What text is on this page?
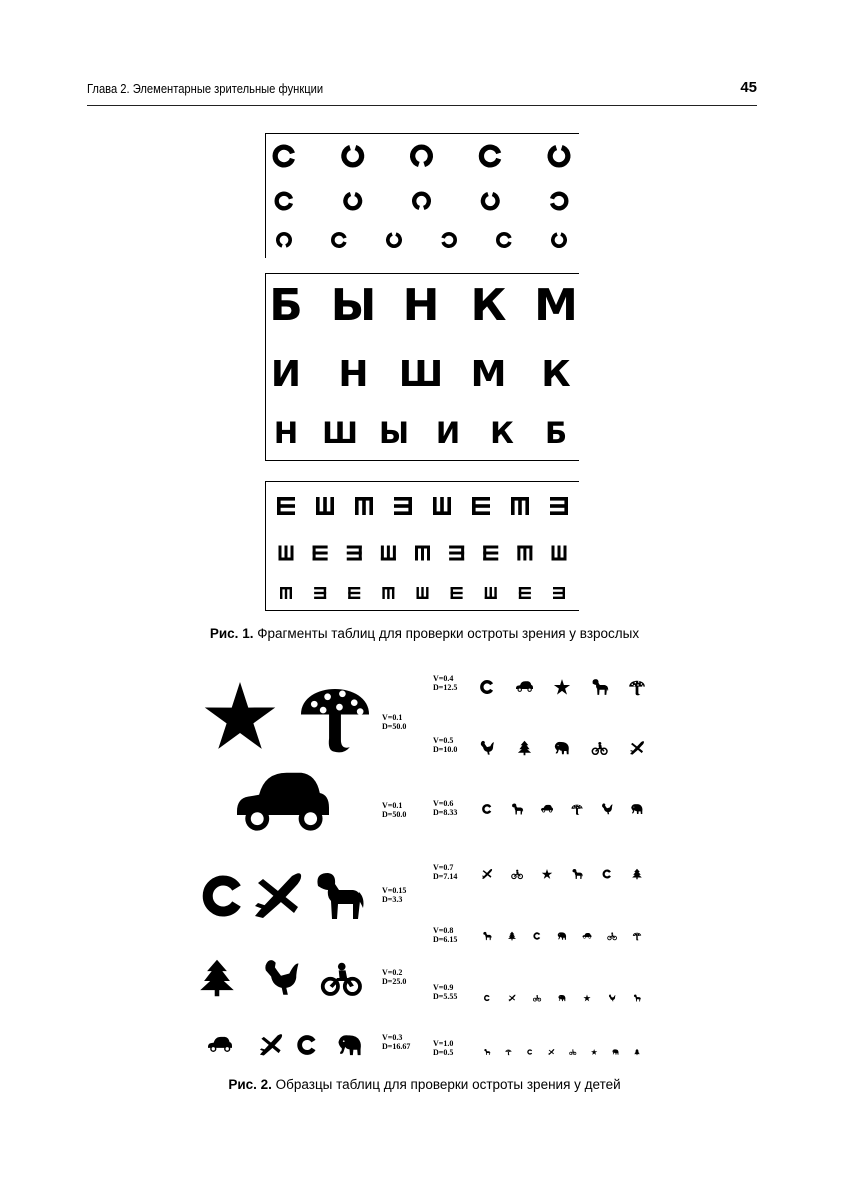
Глава 2. Элементарные зрительные функции	45
Б Ы Н К М
И Н Ш М К
Н Ш Ы И К Б
Рис. 1. Фрагменты таблиц для проверки остроты зрения у взрослых
V=0.1
D=50.0
V=0.1
D=50.0
V=0.15
D=3.3
V=0.2
D=25.0
V=0.3
D=16.67
V=0.4
D=12.5
V=0.5
D=10.0
V=0.6
D=8.33
V=0.7
D=7.14
V=0.8
D=6.15
V=0.9
D=5.55
V=1.0
D=0.5
Рис. 2. Образцы таблиц для проверки остроты зрения у детей
